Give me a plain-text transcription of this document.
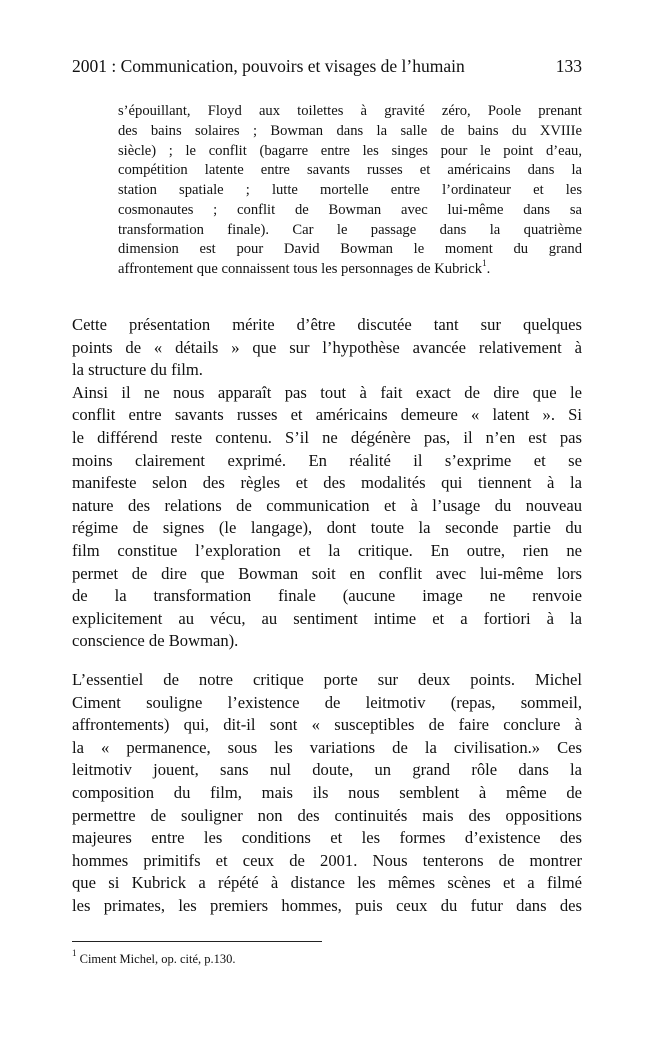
2001 : Communication, pouvoirs et visages de l’humain	133
s’épouillant, Floyd aux toilettes à gravité zéro, Poole prenant
des bains solaires ; Bowman dans la salle de bains du XVIIIe
siècle) ; le conflit (bagarre entre les singes pour le point d’eau,
compétition latente entre savants russes et américains dans la
station spatiale ; lutte mortelle entre l’ordinateur et les
cosmonautes ; conflit de Bowman avec lui-même dans sa
transformation finale). Car le passage dans la quatrième
dimension est pour David Bowman le moment du grand
affrontement que connaissent tous les personnages de Kubrick$^1$.
Cette présentation mérite d’être discutée tant sur quelques
points de « détails » que sur l’hypothèse avancée relativement à
la structure du film.
Ainsi il ne nous apparaît pas tout à fait exact de dire que le
conflit entre savants russes et américains demeure « latent ». Si
le différend reste contenu. S’il ne dégénère pas, il n’en est pas
moins clairement exprimé. En réalité il s’exprime et se
manifeste selon des règles et des modalités qui tiennent à la
nature des relations de communication et à l’usage du nouveau
régime de signes (le langage), dont toute la seconde partie du
film constitue l’exploration et la critique. En outre, rien ne
permet de dire que Bowman soit en conflit avec lui-même lors
de la transformation finale (aucune image ne renvoie
explicitement au vécu, au sentiment intime et a fortiori à la
conscience de Bowman).
L’essentiel de notre critique porte sur deux points. Michel
Ciment souligne l’existence de leitmotiv (repas, sommeil,
affrontements) qui, dit-il sont « susceptibles de faire conclure à
la « permanence, sous les variations de la civilisation.» Ces
leitmotiv jouent, sans nul doute, un grand rôle dans la
composition du film, mais ils nous semblent à même de
permettre de souligner non des continuités mais des oppositions
majeures entre les conditions et les formes d’existence des
hommes primitifs et ceux de 2001. Nous tenterons de montrer
que si Kubrick a répété à distance les mêmes scènes et a filmé
les primates, les premiers hommes, puis ceux du futur dans des
$^1$ Ciment Michel, op. cité, p.130.
